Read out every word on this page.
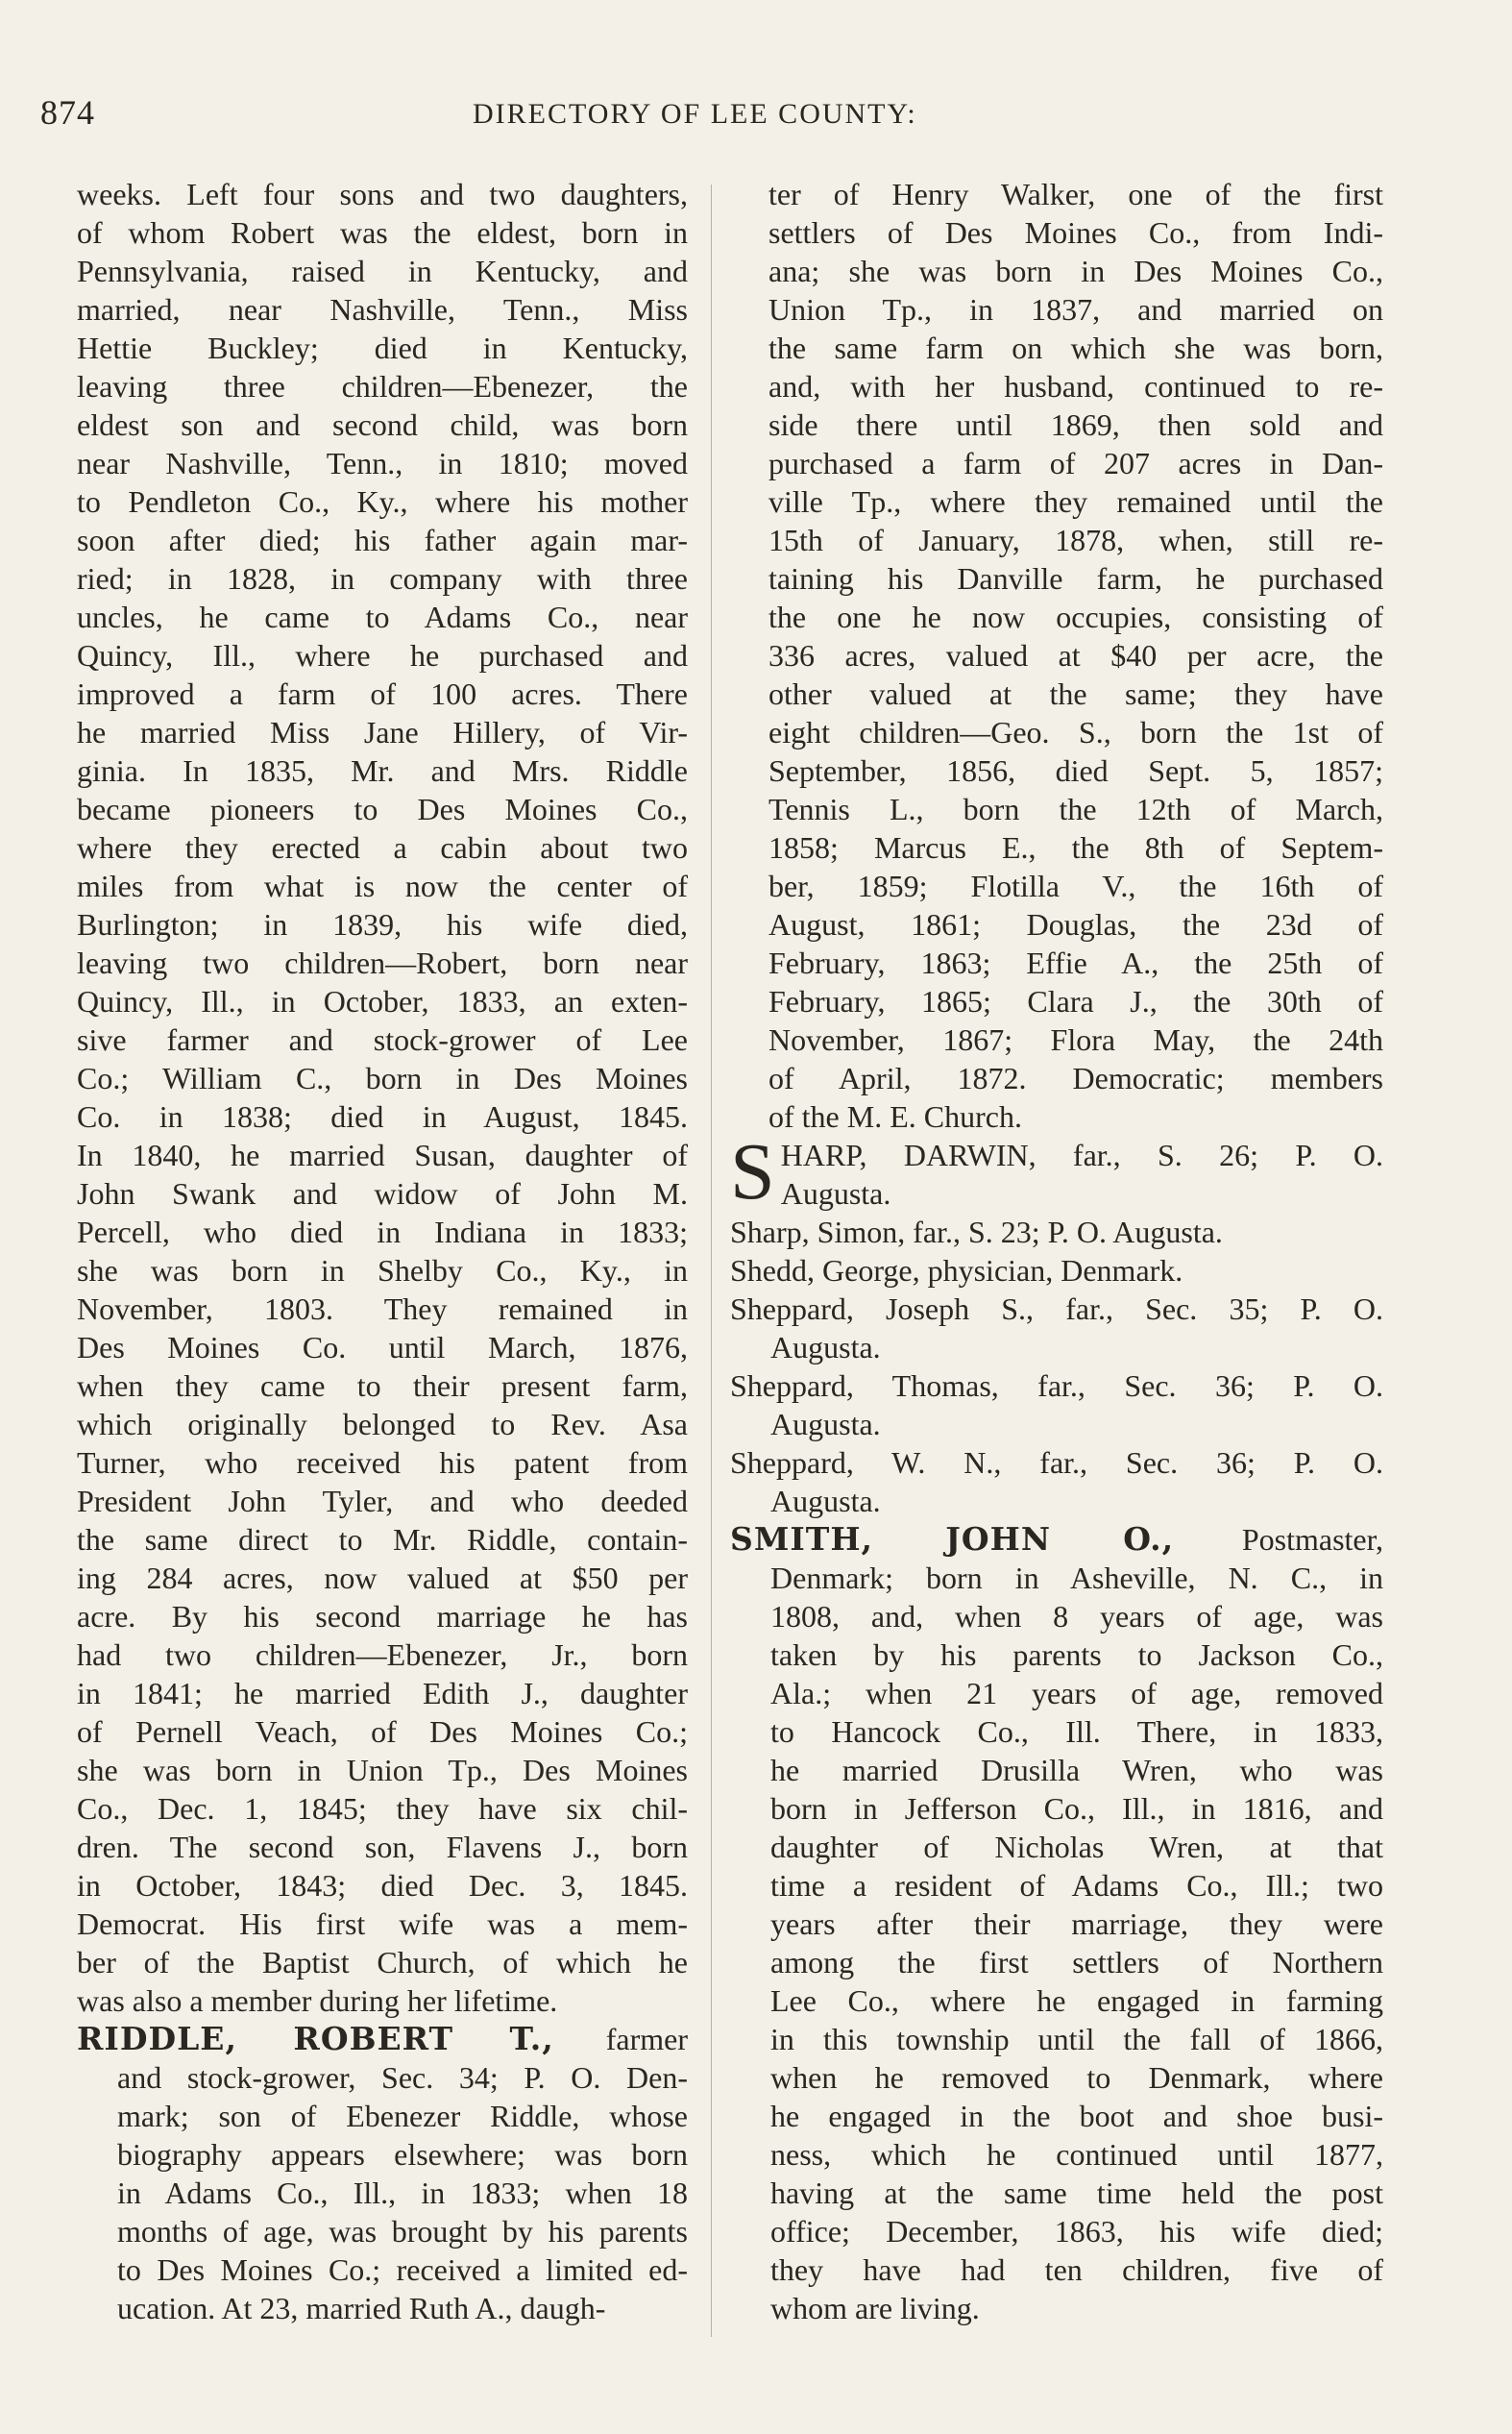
874	DIRECTORY OF LEE COUNTY:
weeks. Left four sons and two daughters,
of whom Robert was the eldest, born in
Pennsylvania, raised in Kentucky, and
married, near Nashville, Tenn., Miss
Hettie Buckley; died in Kentucky,
leaving three children—Ebenezer, the
eldest son and second child, was born
near Nashville, Tenn., in 1810; moved
to Pendleton Co., Ky., where his mother
soon after died; his father again mar-
ried; in 1828, in company with three
uncles, he came to Adams Co., near
Quincy, Ill., where he purchased and
improved a farm of 100 acres. There
he married Miss Jane Hillery, of Vir-
ginia. In 1835, Mr. and Mrs. Riddle
became pioneers to Des Moines Co.,
where they erected a cabin about two
miles from what is now the center of
Burlington; in 1839, his wife died,
leaving two children—Robert, born near
Quincy, Ill., in October, 1833, an exten-
sive farmer and stock-grower of Lee
Co.; William C., born in Des Moines
Co. in 1838; died in August, 1845.
In 1840, he married Susan, daughter of
John Swank and widow of John M.
Percell, who died in Indiana in 1833;
she was born in Shelby Co., Ky., in
November, 1803. They remained in
Des Moines Co. until March, 1876,
when they came to their present farm,
which originally belonged to Rev. Asa
Turner, who received his patent from
President John Tyler, and who deeded
the same direct to Mr. Riddle, contain-
ing 284 acres, now valued at $50 per
acre. By his second marriage he has
had two children—Ebenezer, Jr., born
in 1841; he married Edith J., daughter
of Pernell Veach, of Des Moines Co.;
she was born in Union Tp., Des Moines
Co., Dec. 1, 1845; they have six chil-
dren. The second son, Flavens J., born
in October, 1843; died Dec. 3, 1845.
Democrat. His first wife was a mem-
ber of the Baptist Church, of which he
was also a member during her lifetime.
RIDDLE, ROBERT T., farmer
and stock-grower, Sec. 34; P. O. Den-
mark; son of Ebenezer Riddle, whose
biography appears elsewhere; was born
in Adams Co., Ill., in 1833; when 18
months of age, was brought by his parents
to Des Moines Co.; received a limited ed-
ucation. At 23, married Ruth A., daugh-
ter of Henry Walker, one of the first
settlers of Des Moines Co., from Indi-
ana; she was born in Des Moines Co.,
Union Tp., in 1837, and married on
the same farm on which she was born,
and, with her husband, continued to re-
side there until 1869, then sold and
purchased a farm of 207 acres in Dan-
ville Tp., where they remained until the
15th of January, 1878, when, still re-
taining his Danville farm, he purchased
the one he now occupies, consisting of
336 acres, valued at $40 per acre, the
other valued at the same; they have
eight children—Geo. S., born the 1st of
September, 1856, died Sept. 5, 1857;
Tennis L., born the 12th of March,
1858; Marcus E., the 8th of Septem-
ber, 1859; Flotilla V., the 16th of
August, 1861; Douglas, the 23d of
February, 1863; Effie A., the 25th of
February, 1865; Clara J., the 30th of
November, 1867; Flora May, the 24th
of April, 1872. Democratic; members
of the M. E. Church.
S HARP, DARWIN, far., S. 26; P. O.
Augusta.
Sharp, Simon, far., S. 23; P. O. Augusta.
Shedd, George, physician, Denmark.
Sheppard, Joseph S., far., Sec. 35; P. O.
Augusta.
Sheppard, Thomas, far., Sec. 36; P. O.
Augusta.
Sheppard, W. N., far., Sec. 36; P. O.
Augusta.
SMITH, JOHN O., Postmaster,
Denmark; born in Asheville, N. C., in
1808, and, when 8 years of age, was
taken by his parents to Jackson Co.,
Ala.; when 21 years of age, removed
to Hancock Co., Ill. There, in 1833,
he married Drusilla Wren, who was
born in Jefferson Co., Ill., in 1816, and
daughter of Nicholas Wren, at that
time a resident of Adams Co., Ill.; two
years after their marriage, they were
among the first settlers of Northern
Lee Co., where he engaged in farming
in this township until the fall of 1866,
when he removed to Denmark, where
he engaged in the boot and shoe busi-
ness, which he continued until 1877,
having at the same time held the post
office; December, 1863, his wife died;
they have had ten children, five of
whom are living.
